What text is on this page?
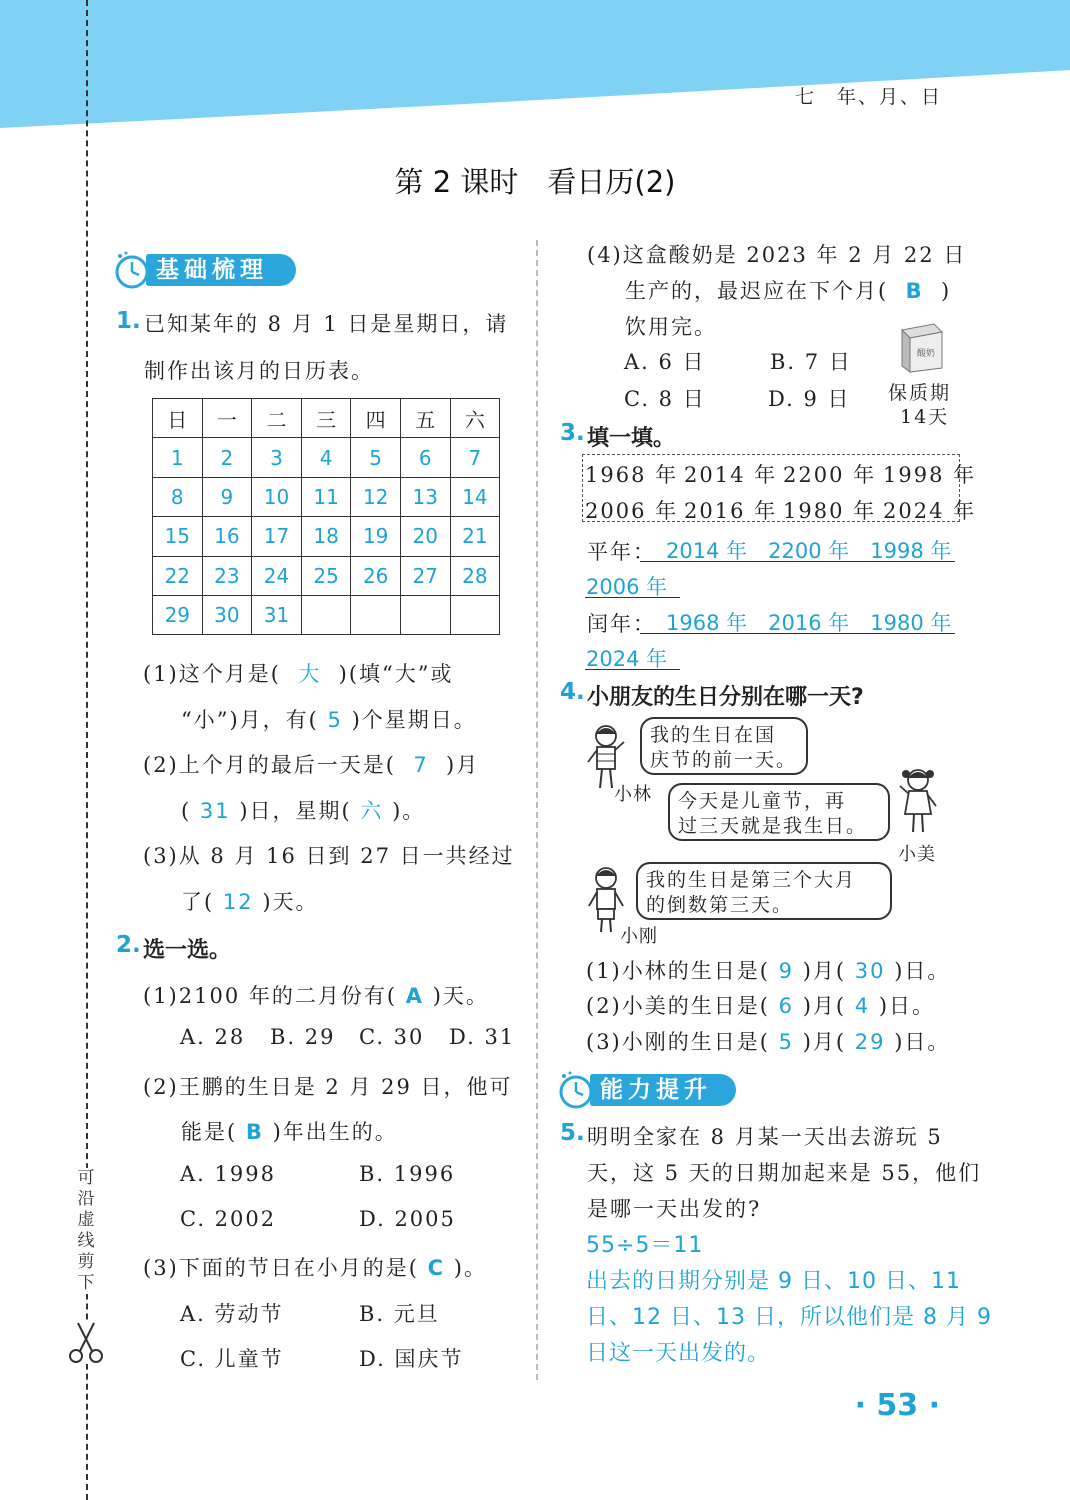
七　年、月、日
第 2 课时　看日历(2)
可沿虚线剪下
基础梳理
1. 已知某年的 8 月 1 日是星期日，请
制作出该月的日历表。
日	一	二	三	四	五	六
1	2	3	4	5	6	7
8	9	10	11	12	13	14
15	16	17	18	19	20	21
22	23	24	25	26	27	28
29	30	31				
(1)这个月是( 大 )(填“大”或
“小”)月，有( 5 )个星期日。
(2)上个月的最后一天是( 7 )月
( 31 )日，星期( 六 )。
(3)从 8 月 16 日到 27 日一共经过
了( 12 )天。
2. 选一选。
(1)2100 年的二月份有( A )天。
A. 28 B. 29 C. 30 D. 31
(2)王鹏的生日是 2 月 29 日，他可
能是( B )年出生的。
A. 1998	B. 1996
C. 2002	D. 2005
(3)下面的节日在小月的是( C )。
A. 劳动节	B. 元旦
C. 儿童节	D. 国庆节
(4)这盒酸奶是 2023 年 2 月 22 日
生产的，最迟应在下个月( B )
饮用完。
A. 6 日	B. 7 日
C. 8 日	D. 9 日
酸奶
保质期
14天
3. 填一填。
1968 年 2014 年 2200 年 1998 年
2006 年 2016 年 1980 年 2024 年
平年： 2014 年　2200 年　1998 年
2006 年
闰年： 1968 年　2016 年　1980 年
2024 年
4. 小朋友的生日分别在哪一天?
我的生日在国
庆节的前一天。
小林 今天是儿童节，再
过三天就是我生日。
小美
我的生日是第三个大月
的倒数第三天。
小刚
(1)小林的生日是( 9 )月( 30 )日。
(2)小美的生日是( 6 )月( 4 )日。
(3)小刚的生日是( 5 )月( 29 )日。
能力提升
5. 明明全家在 8 月某一天出去游玩 5
天，这 5 天的日期加起来是 55，他们
是哪一天出发的?
55÷5＝11
出去的日期分别是 9 日、10 日、11
日、12 日、13 日，所以他们是 8 月 9
日这一天出发的。
· 53 ·
